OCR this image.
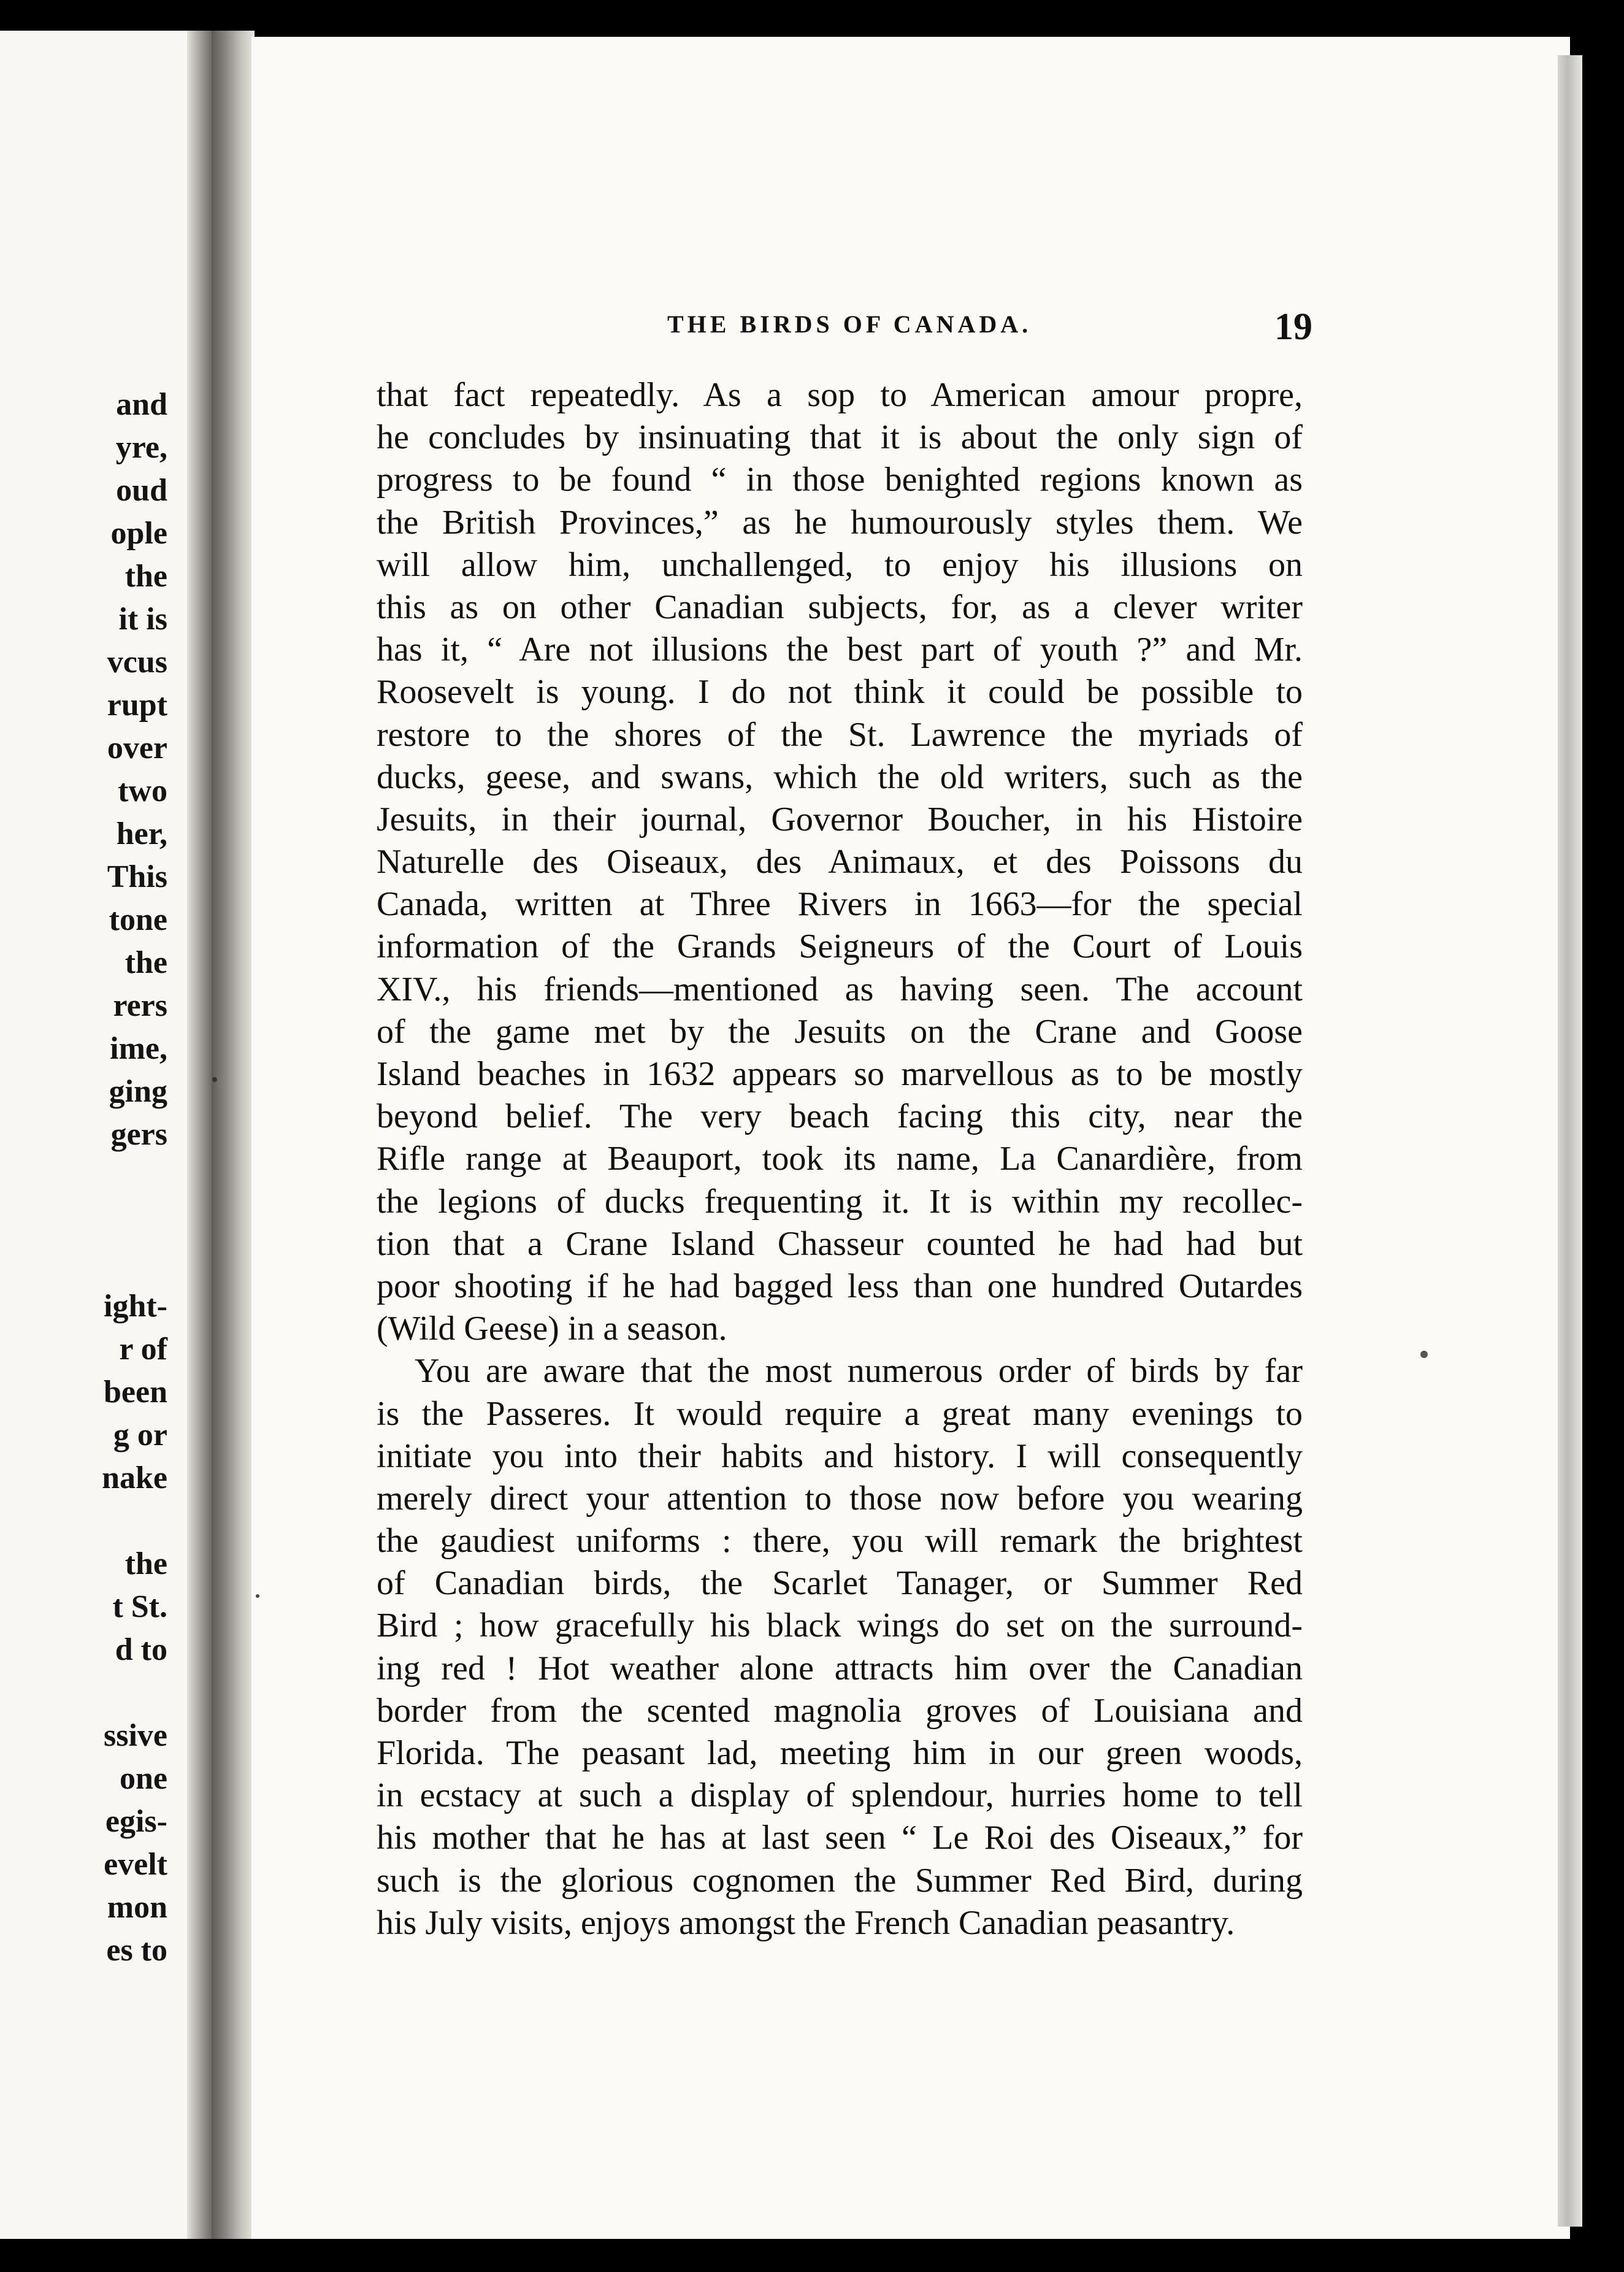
and
yre,
oud
ople
the
it is
vcus
rupt
over
two
her,
This
tone
the
rers
ime,
ging
gers
ight-
r of
been
g or
nake
the
t St.
d to
ssive
one
egis-
evelt
mon
es to
THE BIRDS OF CANADA.	19
that fact repeatedly. As a sop to American amour propre,
he concludes by insinuating that it is about the only sign of
progress to be found “ in those benighted regions known as
the British Provinces,” as he humourously styles them. We
will allow him, unchallenged, to enjoy his illusions on
this as on other Canadian subjects, for, as a clever writer
has it, “ Are not illusions the best part of youth ?” and Mr.
Roosevelt is young. I do not think it could be possible to
restore to the shores of the St. Lawrence the myriads of
ducks, geese, and swans, which the old writers, such as the
Jesuits, in their journal, Governor Boucher, in his Histoire
Naturelle des Oiseaux, des Animaux, et des Poissons du
Canada, written at Three Rivers in 1663—for the special
information of the Grands Seigneurs of the Court of Louis
XIV., his friends—mentioned as having seen. The account
of the game met by the Jesuits on the Crane and Goose
Island beaches in 1632 appears so marvellous as to be mostly
beyond belief. The very beach facing this city, near the
Rifle range at Beauport, took its name, La Canardière, from
the legions of ducks frequenting it. It is within my recollec-
tion that a Crane Island Chasseur counted he had had but
poor shooting if he had bagged less than one hundred Outardes
(Wild Geese) in a season.
You are aware that the most numerous order of birds by far
is the Passeres. It would require a great many evenings to
initiate you into their habits and history. I will consequently
merely direct your attention to those now before you wearing
the gaudiest uniforms : there, you will remark the brightest
of Canadian birds, the Scarlet Tanager, or Summer Red
Bird ; how gracefully his black wings do set on the surround-
ing red ! Hot weather alone attracts him over the Canadian
border from the scented magnolia groves of Louisiana and
Florida. The peasant lad, meeting him in our green woods,
in ecstacy at such a display of splendour, hurries home to tell
his mother that he has at last seen “ Le Roi des Oiseaux,” for
such is the glorious cognomen the Summer Red Bird, during
his July visits, enjoys amongst the French Canadian peasantry.
